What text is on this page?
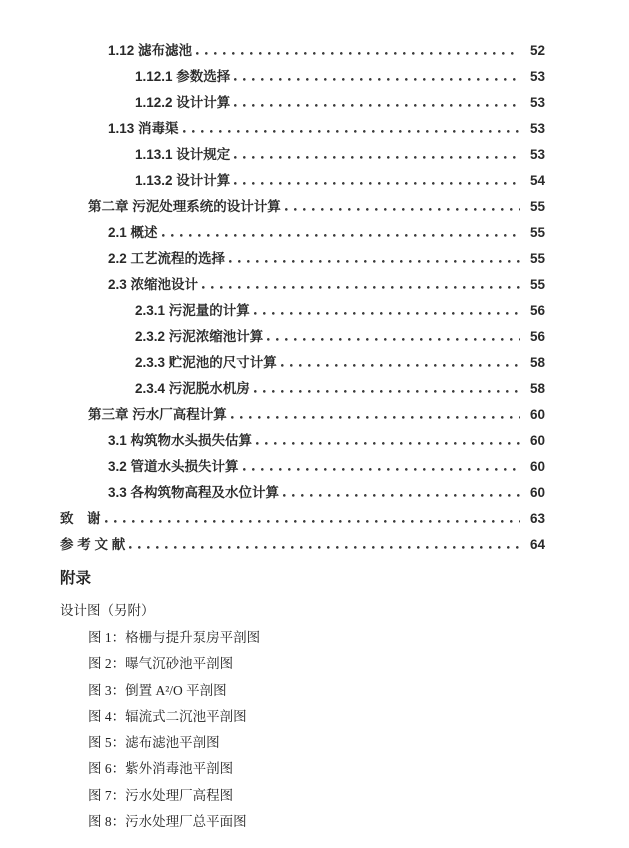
1.12 滤布滤池	52
1.12.1 参数选择	53
1.12.2 设计计算	53
1.13 消毒渠	53
1.13.1 设计规定	53
1.13.2 设计计算	54
第二章 污泥处理系统的设计计算	55
2.1 概述	55
2.2 工艺流程的选择	55
2.3 浓缩池设计	55
2.3.1 污泥量的计算	56
2.3.2 污泥浓缩池计算	56
2.3.3 贮泥池的尺寸计算	58
2.3.4 污泥脱水机房	58
第三章 污水厂高程计算	60
3.1 构筑物水头损失估算	60
3.2 管道水头损失计算	60
3.3 各构筑物高程及水位计算	60
致　谢	63
参 考 文 献	64
附录
设计图（另附）
图 1：格栅与提升泵房平剖图
图 2：曝气沉砂池平剖图
图 3：倒置 A²/O 平剖图
图 4：辐流式二沉池平剖图
图 5：滤布滤池平剖图
图 6：紫外消毒池平剖图
图 7：污水处理厂高程图
图 8：污水处理厂总平面图
